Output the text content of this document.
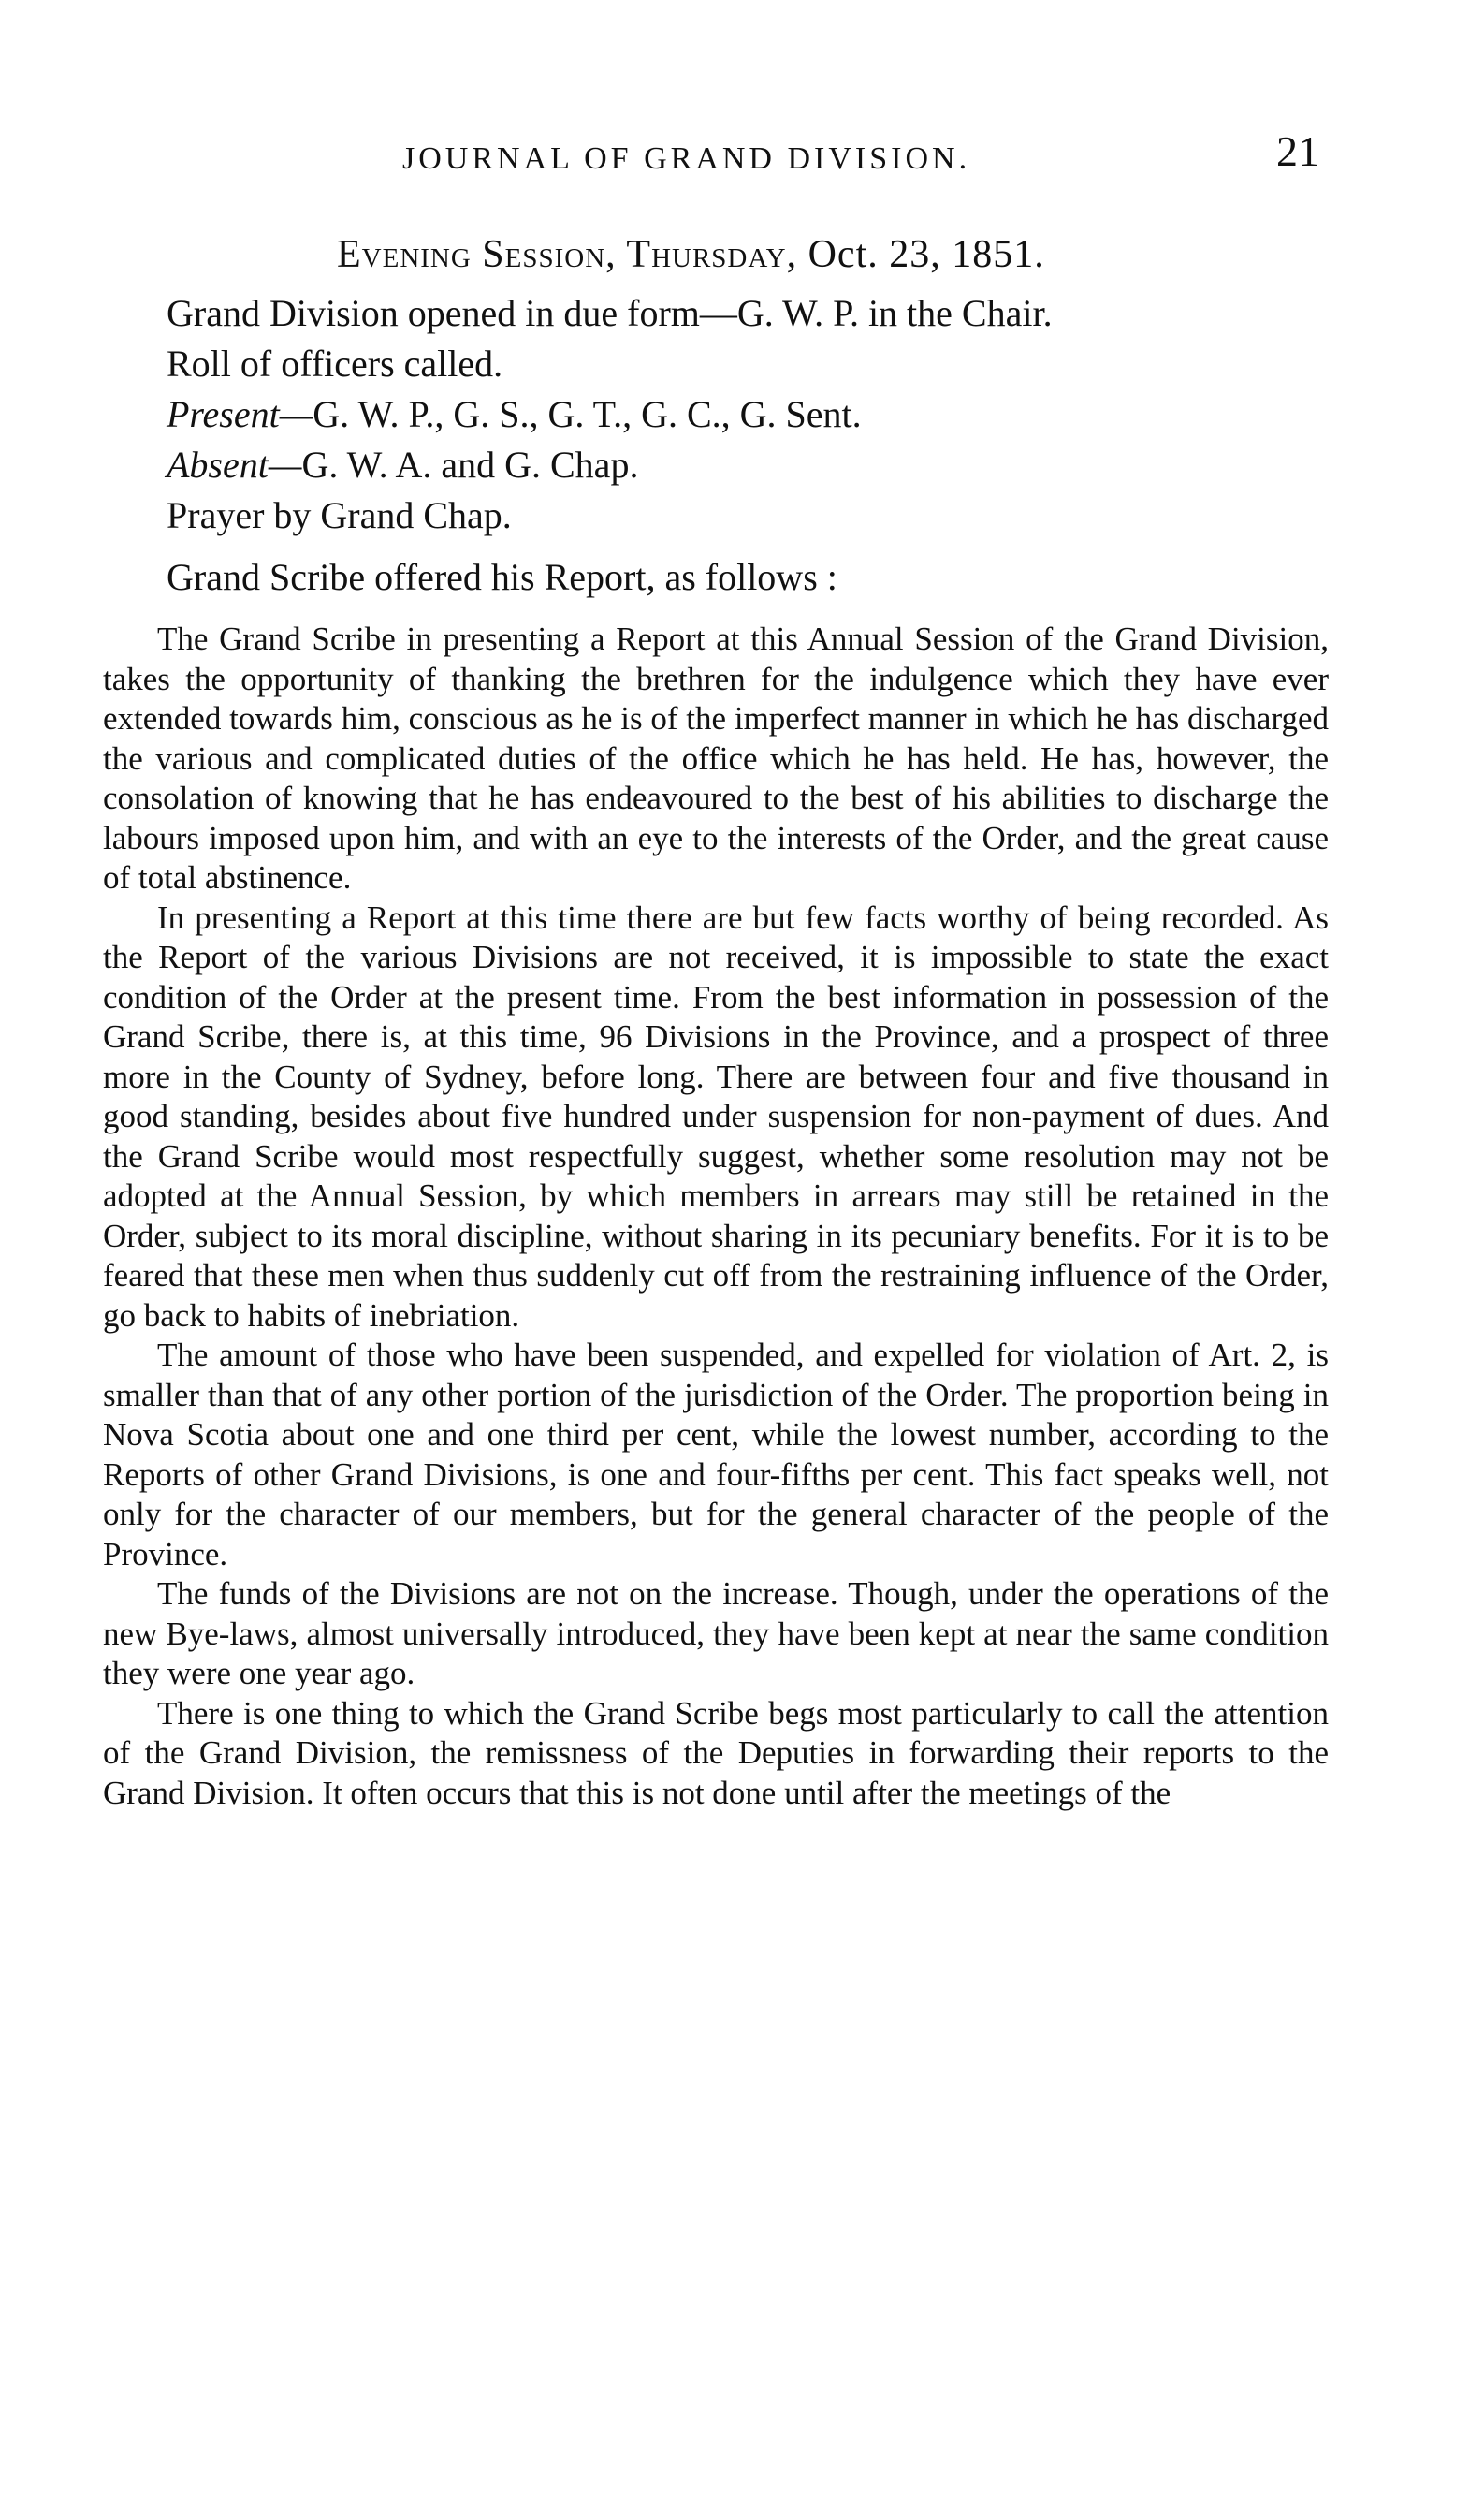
JOURNAL OF GRAND DIVISION.	21
Evening Session, Thursday, Oct. 23, 1851.

Grand Division opened in due form—G. W. P. in the Chair.

Roll of officers called.

Present—G. W. P., G. S., G. T., G. C., G. Sent.

Absent—G. W. A. and G. Chap.

Prayer by Grand Chap.

Grand Scribe offered his Report, as follows :

The Grand Scribe in presenting a Report at this Annual Session of the Grand Division, takes the opportunity of thanking the brethren for the indulgence which they have ever extended towards him, conscious as he is of the imperfect manner in which he has discharged the various and complicated duties of the office which he has held. He has, however, the consolation of knowing that he has endeavoured to the best of his abilities to discharge the labours imposed upon him, and with an eye to the interests of the Order, and the great cause of total abstinence.

In presenting a Report at this time there are but few facts worthy of being recorded. As the Report of the various Divisions are not received, it is impossible to state the exact condition of the Order at the present time. From the best information in possession of the Grand Scribe, there is, at this time, 96 Divisions in the Province, and a prospect of three more in the County of Sydney, before long. There are between four and five thousand in good standing, besides about five hundred under suspension for non-payment of dues. And the Grand Scribe would most respectfully suggest, whether some resolution may not be adopted at the Annual Session, by which members in arrears may still be retained in the Order, subject to its moral discipline, without sharing in its pecuniary benefits. For it is to be feared that these men when thus suddenly cut off from the restraining influence of the Order, go back to habits of inebriation.

The amount of those who have been suspended, and expelled for violation of Art. 2, is smaller than that of any other portion of the jurisdiction of the Order. The proportion being in Nova Scotia about one and one third per cent, while the lowest number, according to the Reports of other Grand Divisions, is one and four-fifths per cent. This fact speaks well, not only for the character of our members, but for the general character of the people of the Province.

The funds of the Divisions are not on the increase. Though, under the operations of the new Bye-laws, almost universally introduced, they have been kept at near the same condition they were one year ago.

There is one thing to which the Grand Scribe begs most particularly to call the attention of the Grand Division, the remissness of the Deputies in forwarding their reports to the Grand Division. It often occurs that this is not done until after the meetings of the
